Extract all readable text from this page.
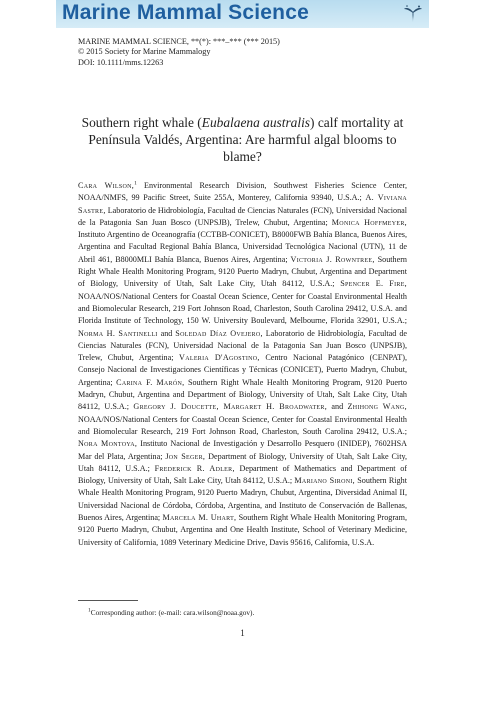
Marine Mammal Science
MARINE MAMMAL SCIENCE, **(*): ***–*** (*** 2015)
© 2015 Society for Marine Mammalogy
DOI: 10.1111/mms.12263
Southern right whale (Eubalaena australis) calf mortality at Península Valdés, Argentina: Are harmful algal blooms to blame?
Cara Wilson,$^1$ Environmental Research Division, Southwest Fisheries Science Center, NOAA/NMFS, 99 Pacific Street, Suite 255A, Monterey, California 93940, U.S.A.; A. Viviana Sastre, Laboratorio de Hidrobiología, Facultad de Ciencias Naturales (FCN), Universidad Nacional de la Patagonia San Juan Bosco (UNPSJB), Trelew, Chubut, Argentina; Monica Hoffmeyer, Instituto Argentino de Oceanografía (CCTBB-CONICET), B8000FWB Bahía Blanca, Buenos Aires, Argentina and Facultad Regional Bahía Blanca, Universidad Tecnológica Nacional (UTN), 11 de Abril 461, B8000MLI Bahía Blanca, Buenos Aires, Argentina; Victoria J. Rowntree, Southern Right Whale Health Monitoring Program, 9120 Puerto Madryn, Chubut, Argentina and Department of Biology, University of Utah, Salt Lake City, Utah 84112, U.S.A.; Spencer E. Fire, NOAA/NOS/National Centers for Coastal Ocean Science, Center for Coastal Environmental Health and Biomolecular Research, 219 Fort Johnson Road, Charleston, South Carolina 29412, U.S.A. and Florida Institute of Technology, 150 W. University Boulevard, Melbourne, Florida 32901, U.S.A.; Norma H. Santinelli and Soledad Díaz Ovejero, Laboratorio de Hidrobiología, Facultad de Ciencias Naturales (FCN), Universidad Nacional de la Patagonia San Juan Bosco (UNPSJB), Trelew, Chubut, Argentina; Valeria D'Agostino, Centro Nacional Patagónico (CENPAT), Consejo Nacional de Investigaciones Científicas y Técnicas (CONICET), Puerto Madryn, Chubut, Argentina; Carina F. Marón, Southern Right Whale Health Monitoring Program, 9120 Puerto Madryn, Chubut, Argentina and Department of Biology, University of Utah, Salt Lake City, Utah 84112, U.S.A.; Gregory J. Doucette, Margaret H. Broadwater, and Zhihong Wang, NOAA/NOS/National Centers for Coastal Ocean Science, Center for Coastal Environmental Health and Biomolecular Research, 219 Fort Johnson Road, Charleston, South Carolina 29412, U.S.A.; Nora Montoya, Instituto Nacional de Investigación y Desarrollo Pesquero (INIDEP), 7602HSA Mar del Plata, Argentina; Jon Seger, Department of Biology, University of Utah, Salt Lake City, Utah 84112, U.S.A.; Frederick R. Adler, Department of Mathematics and Department of Biology, University of Utah, Salt Lake City, Utah 84112, U.S.A.; Mariano Sironi, Southern Right Whale Health Monitoring Program, 9120 Puerto Madryn, Chubut, Argentina, Diversidad Animal II, Universidad Nacional de Córdoba, Córdoba, Argentina, and Instituto de Conservación de Ballenas, Buenos Aires, Argentina; Marcela M. Uhart, Southern Right Whale Health Monitoring Program, 9120 Puerto Madryn, Chubut, Argentina and One Health Institute, School of Veterinary Medicine, University of California, 1089 Veterinary Medicine Drive, Davis 95616, California, U.S.A.
$^1$Corresponding author: (e-mail: cara.wilson@noaa.gov).
1
